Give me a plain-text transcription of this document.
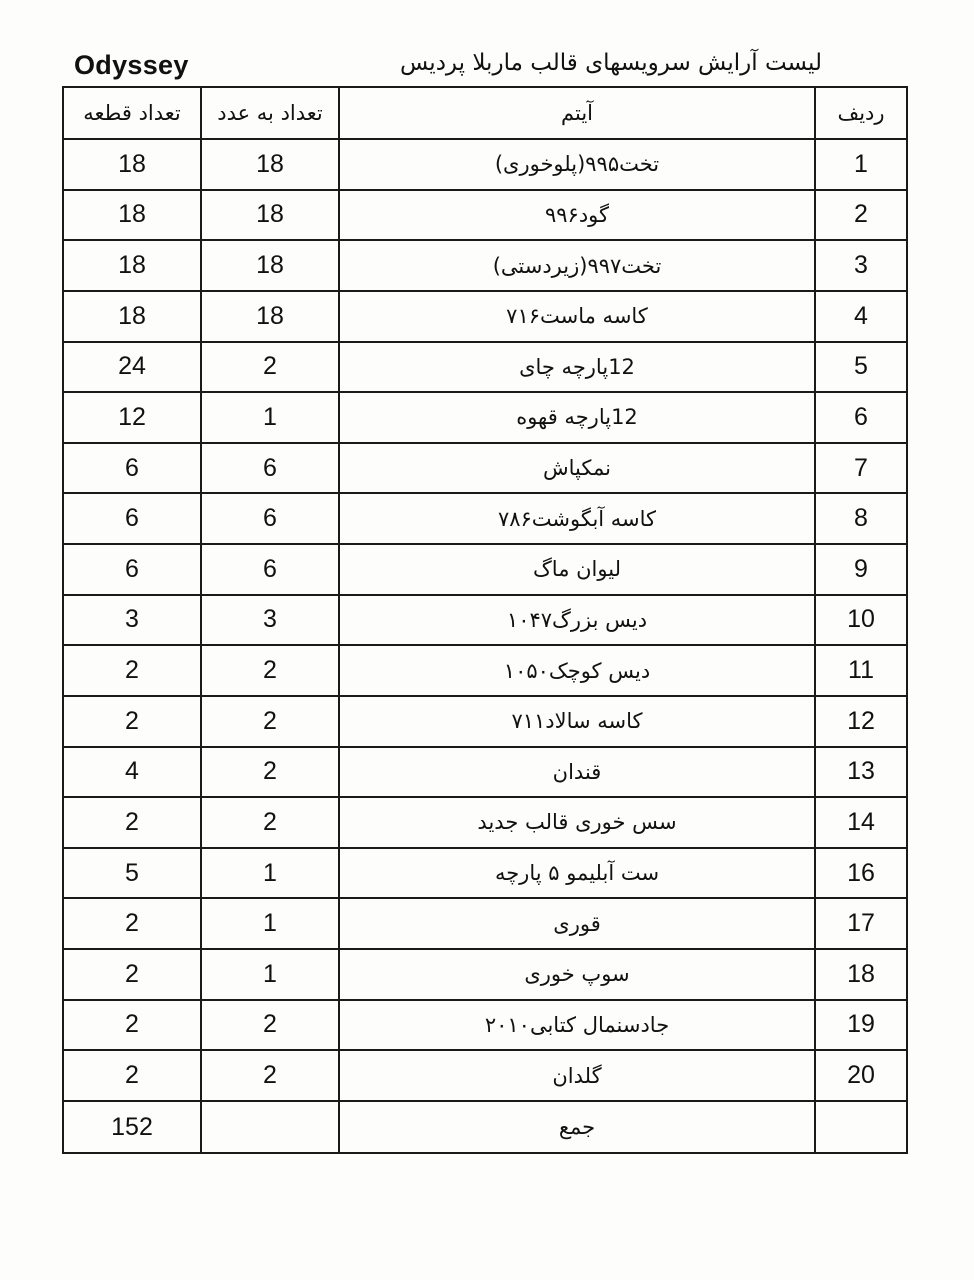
Odyssey	لیست آرایش سرویسهای قالب ماربلا پردیس
ردیف	آیتم	تعداد به عدد	تعداد قطعه
1	تخت۹۹۵(پلوخوری)	18	18
2	گود۹۹۶	18	18
3	تخت۹۹۷(زیردستی)	18	18
4	کاسه ماست۷۱۶	18	18
5	12پارچه چای	2	24
6	12پارچه قهوه	1	12
7	نمکپاش	6	6
8	کاسه آبگوشت۷۸۶	6	6
9	لیوان ماگ	6	6
10	دیس بزرگ۱۰۴۷	3	3
11	دیس کوچک۱۰۵۰	2	2
12	کاسه سالاد۷۱۱	2	2
13	قندان	2	4
14	سس خوری قالب جدید	2	2
16	ست آبلیمو ۵ پارچه	1	5
17	قوری	1	2
18	سوپ خوری	1	2
19	جادسنمال کتابی۲۰۱۰	2	2
20	گلدان	2	2
	جمع		152
